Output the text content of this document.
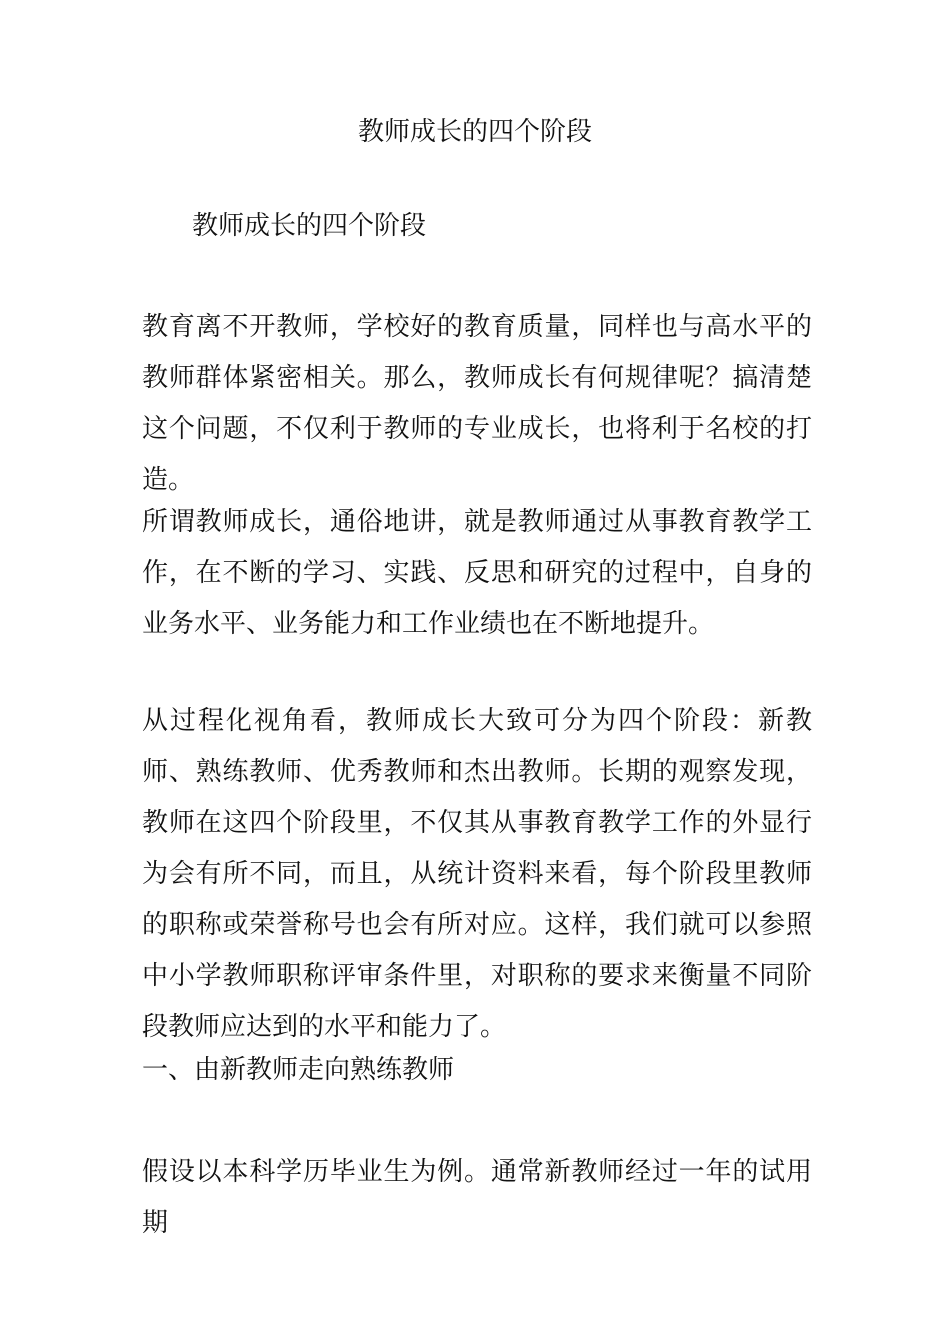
教师成长的四个阶段
教师成长的四个阶段

教育离不开教师，学校好的教育质量，同样也与高水平的教师群体紧密相关。那么，教师成长有何规律呢？搞清楚这个问题，不仅利于教师的专业成长，也将利于名校的打造。

所谓教师成长，通俗地讲，就是教师通过从事教育教学工作，在不断的学习、实践、反思和研究的过程中，自身的业务水平、业务能力和工作业绩也在不断地提升。

从过程化视角看，教师成长大致可分为四个阶段：新教师、熟练教师、优秀教师和杰出教师。长期的观察发现，教师在这四个阶段里，不仅其从事教育教学工作的外显行为会有所不同，而且，从统计资料来看，每个阶段里教师的职称或荣誉称号也会有所对应。这样，我们就可以参照中小学教师职称评审条件里，对职称的要求来衡量不同阶段教师应达到的水平和能力了。

一、由新教师走向熟练教师

假设以本科学历毕业生为例。通常新教师经过一年的试用期
